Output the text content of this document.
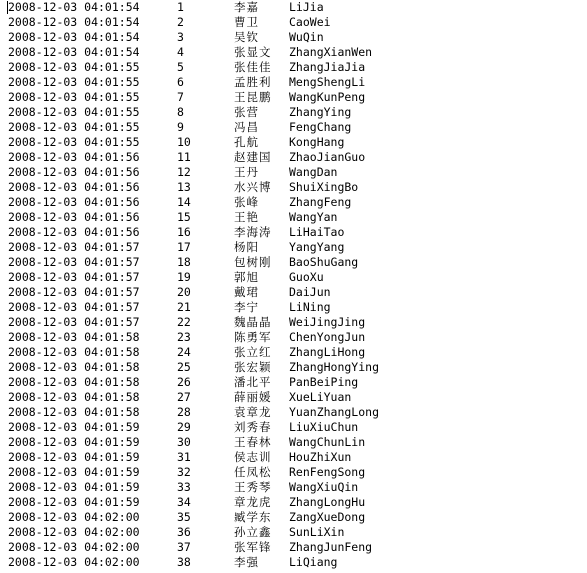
2008-12-03 04:01:54	1	李嘉	LiJia
2008-12-03 04:01:54	2	曹卫	CaoWei
2008-12-03 04:01:54	3	吴钦	WuQin
2008-12-03 04:01:54	4	张显文 ZhangXianWen
2008-12-03 04:01:55	5	张佳佳 ZhangJiaJia
2008-12-03 04:01:55	6	孟胜利 MengShengLi
2008-12-03 04:01:55	7	王昆鹏 WangKunPeng
2008-12-03 04:01:55	8	张营	ZhangYing
2008-12-03 04:01:55	9	冯昌	FengChang
2008-12-03 04:01:55	10	孔航	KongHang
2008-12-03 04:01:56	11	赵建国 ZhaoJianGuo
2008-12-03 04:01:56	12	王丹	WangDan
2008-12-03 04:01:56	13	水兴博 ShuiXingBo
2008-12-03 04:01:56	14	张峰	ZhangFeng
2008-12-03 04:01:56	15	王艳	WangYan
2008-12-03 04:01:56	16	李海涛 LiHaiTao
2008-12-03 04:01:57	17	杨阳	YangYang
2008-12-03 04:01:57	18	包树刚 BaoShuGang
2008-12-03 04:01:57	19	郭旭	GuoXu
2008-12-03 04:01:57	20	戴珺	DaiJun
2008-12-03 04:01:57	21	李宁	LiNing
2008-12-03 04:01:57	22	魏晶晶 WeiJingJing
2008-12-03 04:01:58	23	陈勇军 ChenYongJun
2008-12-03 04:01:58	24	张立红 ZhangLiHong
2008-12-03 04:01:58	25	张宏颖 ZhangHongYing
2008-12-03 04:01:58	26	潘北平 PanBeiPing
2008-12-03 04:01:58	27	薛丽媛 XueLiYuan
2008-12-03 04:01:58	28	袁章龙 YuanZhangLong
2008-12-03 04:01:59	29	刘秀春 LiuXiuChun
2008-12-03 04:01:59	30	王春林 WangChunLin
2008-12-03 04:01:59	31	侯志训 HouZhiXun
2008-12-03 04:01:59	32	任凤松 RenFengSong
2008-12-03 04:01:59	33	王秀琴 WangXiuQin
2008-12-03 04:01:59	34	章龙虎 ZhangLongHu
2008-12-03 04:02:00	35	臧学东 ZangXueDong
2008-12-03 04:02:00	36	孙立鑫 SunLiXin
2008-12-03 04:02:00	37	张军锋 ZhangJunFeng
2008-12-03 04:02:00	38	李强	LiQiang
